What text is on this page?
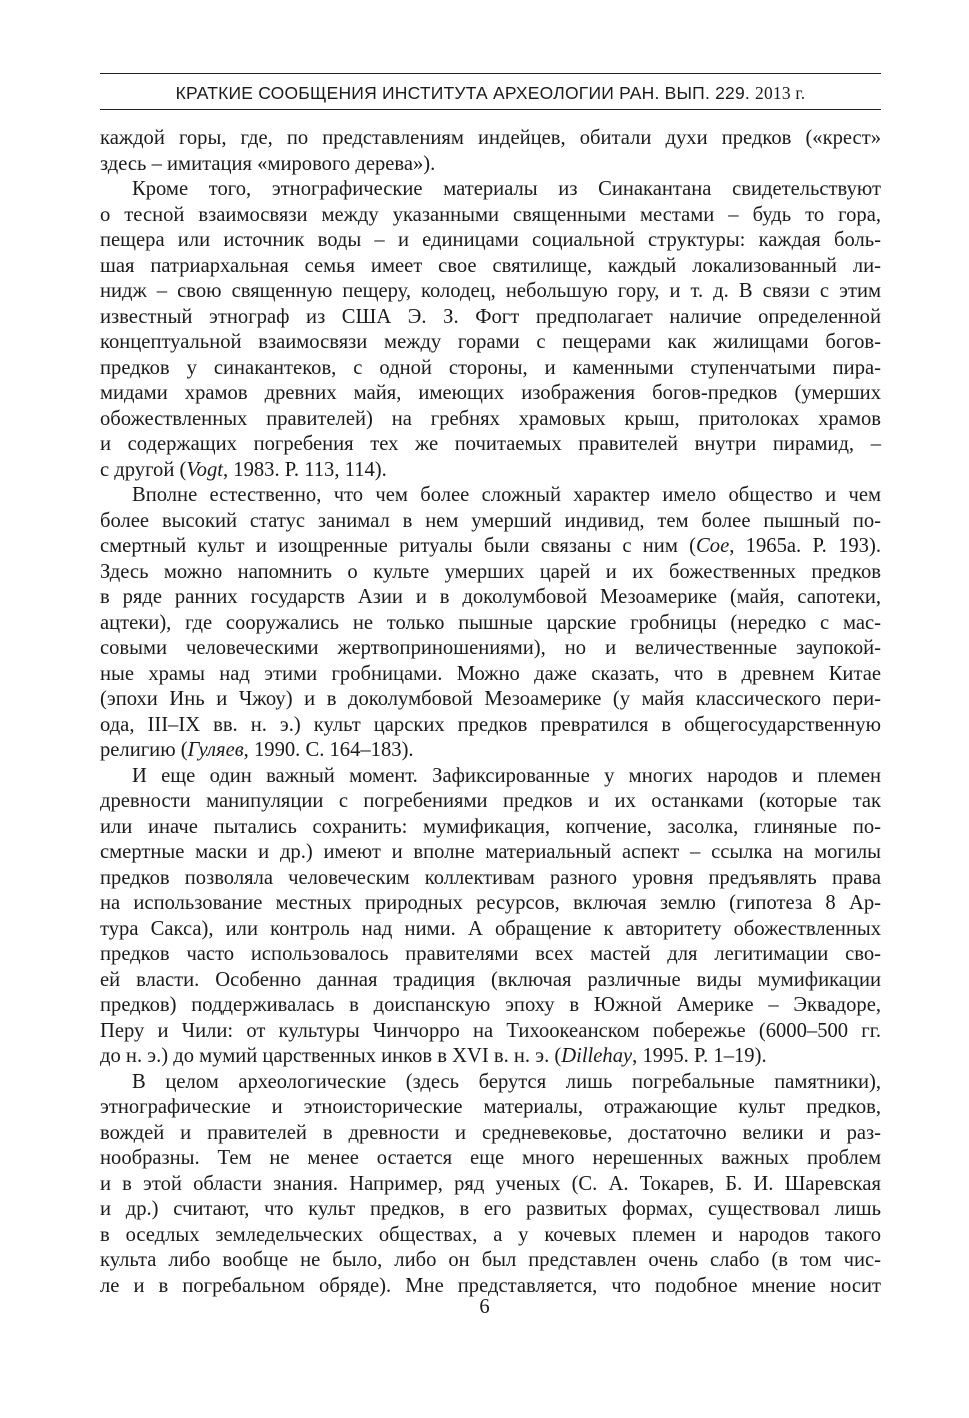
КРАТКИЕ СООБЩЕНИЯ ИНСТИТУТА АРХЕОЛОГИИ РАН. ВЫП. 229. 2013 г.
каждой горы, где, по представлениям индейцев, обитали духи предков («крест»
здесь – имитация «мирового дерева»).
Кроме того, этнографические материалы из Синакантана свидетельствуют
о тесной взаимосвязи между указанными священными местами – будь то гора,
пещера или источник воды – и единицами социальной структуры: каждая боль-
шая патриархальная семья имеет свое святилище, каждый локализованный ли-
нидж – свою священную пещеру, колодец, небольшую гору, и т. д. В связи с этим
известный этнограф из США Э. З. Фогт предполагает наличие определенной
концептуальной взаимосвязи между горами с пещерами как жилищами богов-
предков у синакантеков, с одной стороны, и каменными ступенчатыми пира-
мидами храмов древних майя, имеющих изображения богов-предков (умерших
обожествленных правителей) на гребнях храмовых крыш, притолоках храмов
и содержащих погребения тех же почитаемых правителей внутри пирамид, –
с другой (Vogt, 1983. P. 113, 114).
Вполне естественно, что чем более сложный характер имело общество и чем
более высокий статус занимал в нем умерший индивид, тем более пышный по-
смертный культ и изощренные ритуалы были связаны с ним (Coe, 1965a. P. 193).
Здесь можно напомнить о культе умерших царей и их божественных предков
в ряде ранних государств Азии и в доколумбовой Мезоамерике (майя, сапотеки,
ацтеки), где сооружались не только пышные царские гробницы (нередко с мас-
совыми человеческими жертвоприношениями), но и величественные заупокой-
ные храмы над этими гробницами. Можно даже сказать, что в древнем Китае
(эпохи Инь и Чжоу) и в доколумбовой Мезоамерике (у майя классического пери-
ода, III–IX вв. н. э.) культ царских предков превратился в общегосударственную
религию (Гуляев, 1990. С. 164–183).
И еще один важный момент. Зафиксированные у многих народов и племен
древности манипуляции с погребениями предков и их останками (которые так
или иначе пытались сохранить: мумификация, копчение, засолка, глиняные по-
смертные маски и др.) имеют и вполне материальный аспект – ссылка на могилы
предков позволяла человеческим коллективам разного уровня предъявлять права
на использование местных природных ресурсов, включая землю (гипотеза 8 Ар-
тура Сакса), или контроль над ними. А обращение к авторитету обожествленных
предков часто использовалось правителями всех мастей для легитимации сво-
ей власти. Особенно данная традиция (включая различные виды мумификации
предков) поддерживалась в доиспанскую эпоху в Южной Америке – Эквадоре,
Перу и Чили: от культуры Чинчорро на Тихоокеанском побережье (6000–500 гг.
до н. э.) до мумий царственных инков в XVI в. н. э. (Dillehay, 1995. P. 1–19).
В целом археологические (здесь берутся лишь погребальные памятники),
этнографические и этноисторические материалы, отражающие культ предков,
вождей и правителей в древности и средневековье, достаточно велики и раз-
нообразны. Тем не менее остается еще много нерешенных важных проблем
и в этой области знания. Например, ряд ученых (С. А. Токарев, Б. И. Шаревская
и др.) считают, что культ предков, в его развитых формах, существовал лишь
в оседлых земледельческих обществах, а у кочевых племен и народов такого
культа либо вообще не было, либо он был представлен очень слабо (в том чис-
ле и в погребальном обряде). Мне представляется, что подобное мнение носит
6
